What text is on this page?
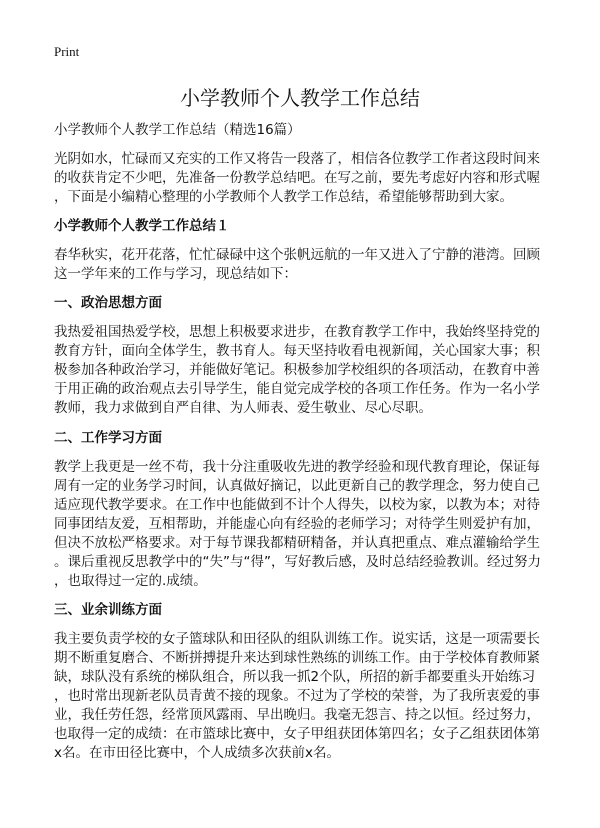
Print
小学教师个人教学工作总结
小学教师个人教学工作总结（精选16篇）
光阴如水，忙碌而又充实的工作又将告一段落了，相信各位教学工作者这段时间来
的收获肯定不少吧，先准备一份教学总结吧。在写之前，要先考虑好内容和形式喔
，下面是小编精心整理的小学教师个人教学工作总结，希望能够帮助到大家。
小学教师个人教学工作总结１
春华秋实，花开花落，忙忙碌碌中这个张帆远航的一年又进入了宁静的港湾。回顾
这一学年来的工作与学习，现总结如下：
一、政治思想方面
我热爱祖国热爱学校，思想上积极要求进步，在教育教学工作中，我始终坚持党的
教育方针，面向全体学生，教书育人。每天坚持收看电视新闻，关心国家大事；积
极参加各种政治学习，并能做好笔记。积极参加学校组织的各项活动，在教育中善
于用正确的政治观点去引导学生，能自觉完成学校的各项工作任务。作为一名小学
教师，我力求做到自严自律、为人师表、爱生敬业、尽心尽职。
二、工作学习方面
教学上我更是一丝不苟，我十分注重吸收先进的教学经验和现代教育理论，保证每
周有一定的业务学习时间，认真做好摘记，以此更新自己的教学理念，努力使自己
适应现代教学要求。在工作中也能做到不计个人得失，以校为家，以教为本；对待
同事团结友爱，互相帮助，并能虚心向有经验的老师学习；对待学生则爱护有加，
但决不放松严格要求。对于每节课我都精研精备，并认真把重点、难点灌输给学生
。课后重视反思教学中的“失”与“得”，写好教后感，及时总结经验教训。经过努力
，也取得过一定的.成绩。
三、业余训练方面
我主要负责学校的女子篮球队和田径队的组队训练工作。说实话，这是一项需要长
期不断重复磨合、不断拼搏提升来达到球性熟练的训练工作。由于学校体育教师紧
缺，球队没有系统的梯队组合，所以我一抓2个队，所招的新手都要重头开始练习
，也时常出现新老队员青黄不接的现象。不过为了学校的荣誉，为了我所衷爱的事
业，我任劳任怨，经常顶风露雨、早出晚归。我毫无怨言、持之以恒。经过努力，
也取得一定的成绩：在市篮球比赛中，女子甲组获团体第四名；女子乙组获团体第
x名。在市田径比赛中，个人成绩多次获前x名。
